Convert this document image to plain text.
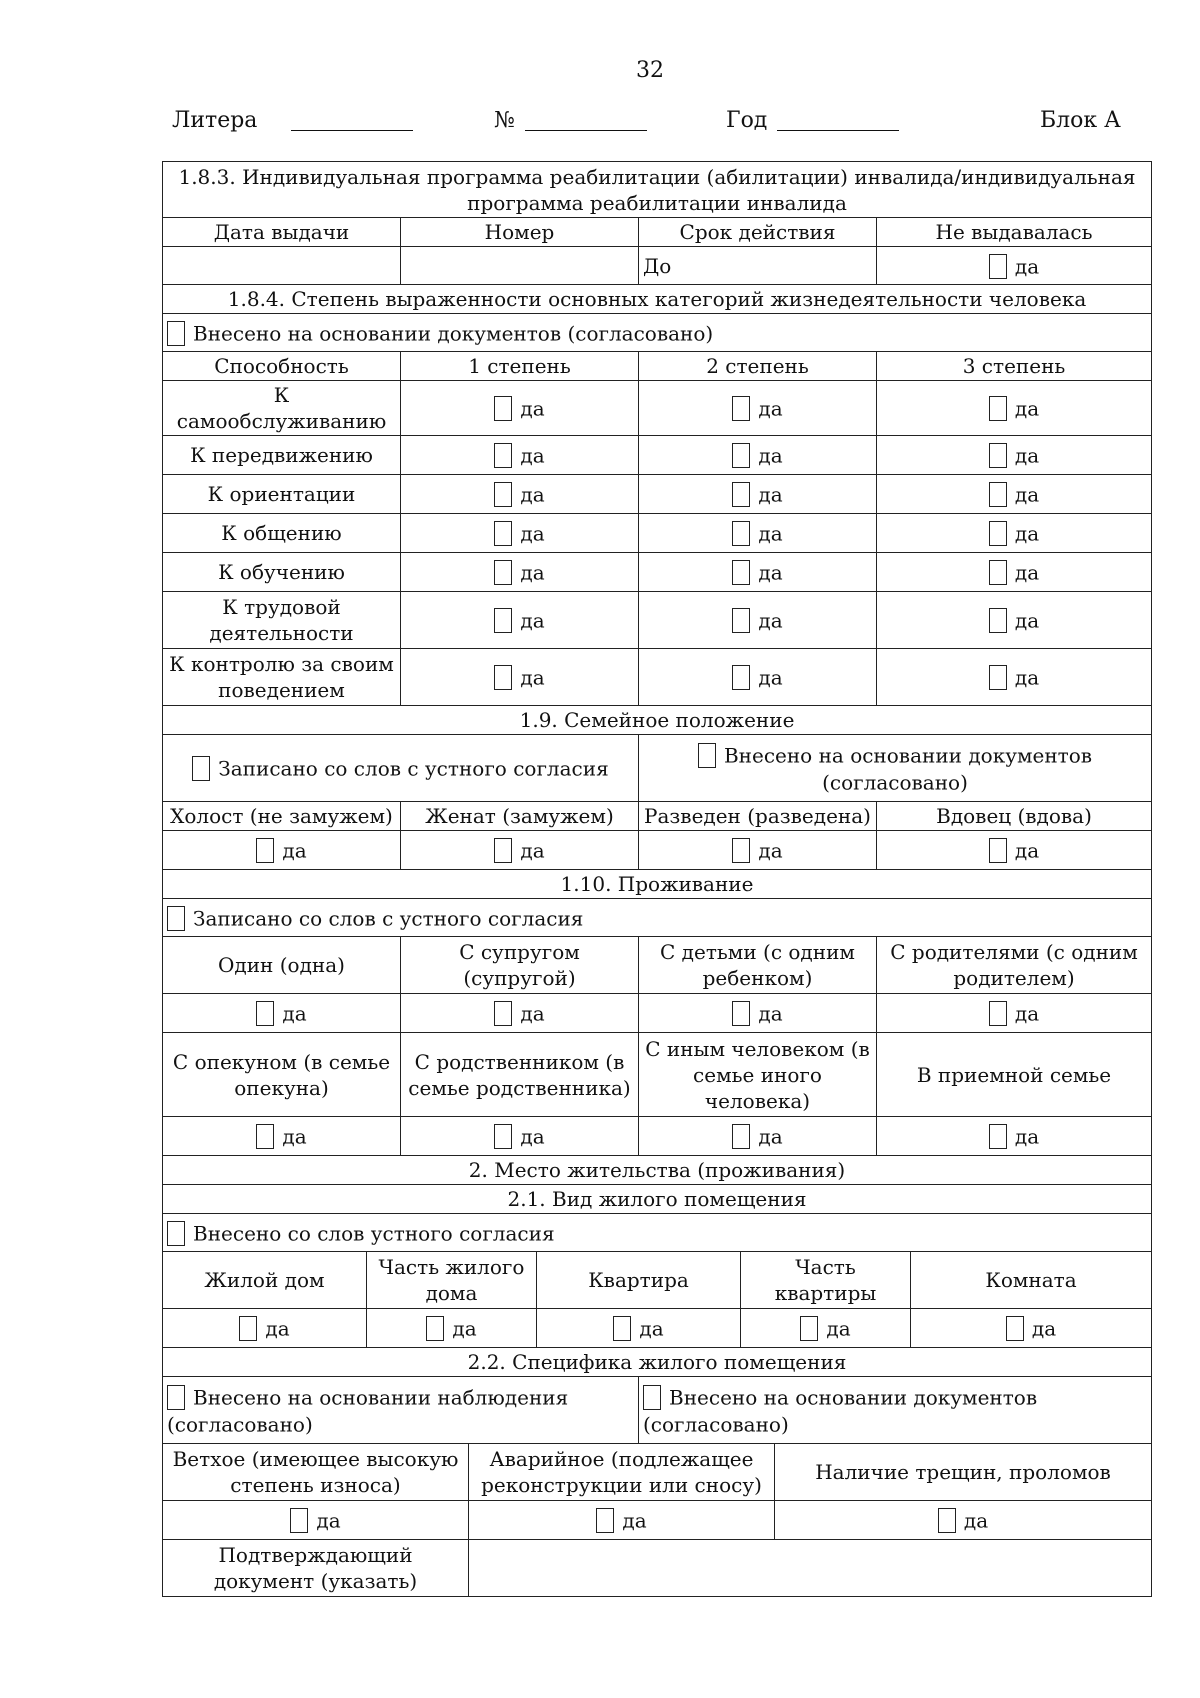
32
Литера	№	Год	Блок А
1.8.3. Индивидуальная программа реабилитации (абилитации) инвалида/индивидуальная программа реабилитации инвалида									
Дата выдачи		Номер			Срок действия			Не выдавалась	
					До			да	
1.8.4. Степень выраженности основных категорий жизнедеятельности человека									
Внесено на основании документов (согласовано)									
Способность		1 степень			2 степень			3 степень	
К самообслуживанию		да			да			да	
К передвижению		да			да			да	
К ориентации		да			да			да	
К общению		да			да			да	
К обучению		да			да			да	
К трудовой деятельности		да			да			да	
К контролю за своим поведением		да			да			да	
1.9. Семейное положение									
Записано со слов с устного согласия					Внесено на основании документов (согласовано)				
Холост (не замужем)		Женат (замужем)			Разведен (разведена)			Вдовец (вдова)	
да		да			да			да	
1.10. Проживание									
Записано со слов с устного согласия									
Один (одна)		С супругом (супругой)			С детьми (с одним ребенком)			С родителями (с одним родителем)	
да		да			да			да	
С опекуном (в семье опекуна)		С родственником (в семье родственника)			С иным человеком (в семье иного человека)			В приемной семье	
да		да			да			да	
2. Место жительства (проживания)									
2.1. Вид жилого помещения									
Внесено со слов устного согласия									
Жилой дом	Часть жилого дома			Квартира		Часть квартиры			Комната
да	да			да		да			да
2.2. Специфика жилого помещения									
Внесено на основании наблюдения (согласовано)					Внесено на основании документов (согласовано)				
Ветхое (имеющее высокую степень износа)			Аварийное (подлежащее реконструкции или сносу)				Наличие трещин, проломов		
да			да				да		
Подтверждающий документ (указать)									
